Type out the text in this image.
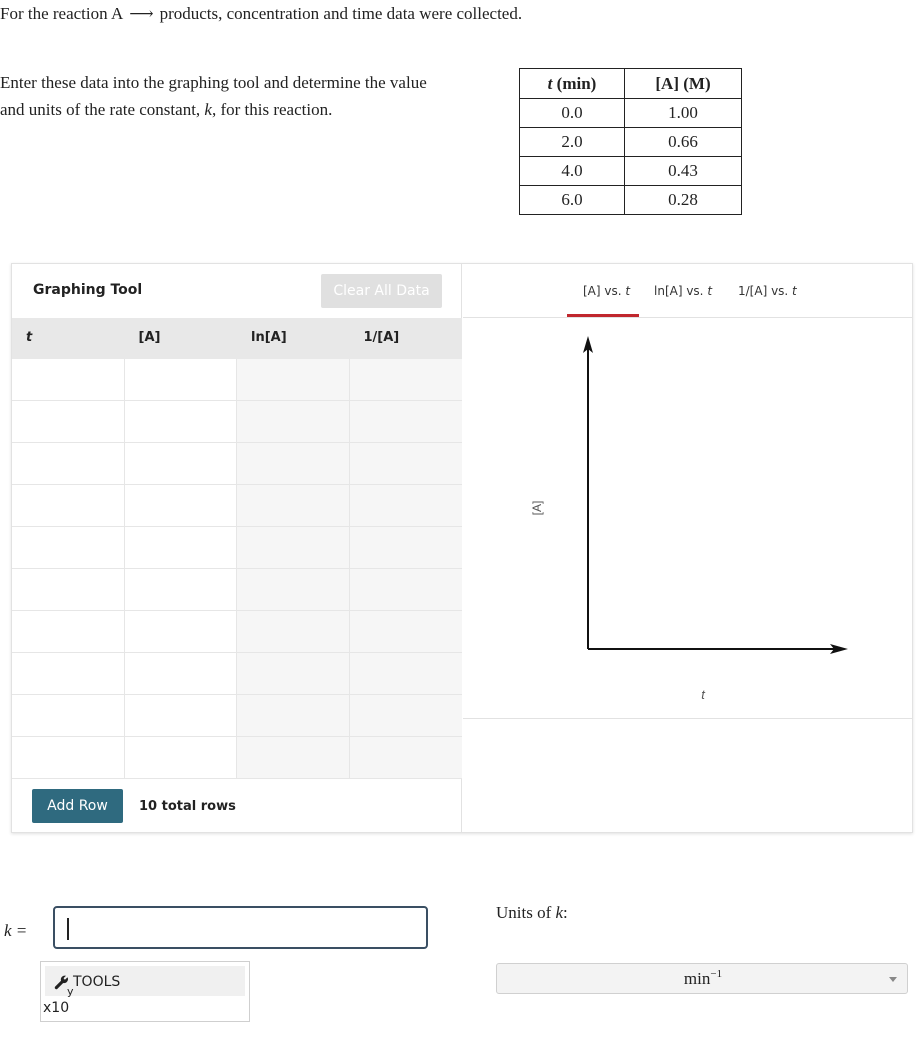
For the reaction A ⟶ products, concentration and time data were collected.
Enter these data into the graphing tool and determine the value and units of the rate constant, k, for this reaction.
t (min)	[A] (M)
0.0	1.00
2.0	0.66
4.0	0.43
6.0	0.28
Graphing Tool	Clear All Data
t	[A]	ln[A]	1/[A]
Add Row	10 total rows
[A] vs. t ln[A] vs. t 1/[A] vs. t
t
[A]
k =
TOOLS
y
x10
Units of k:
$\min^{-1}$
